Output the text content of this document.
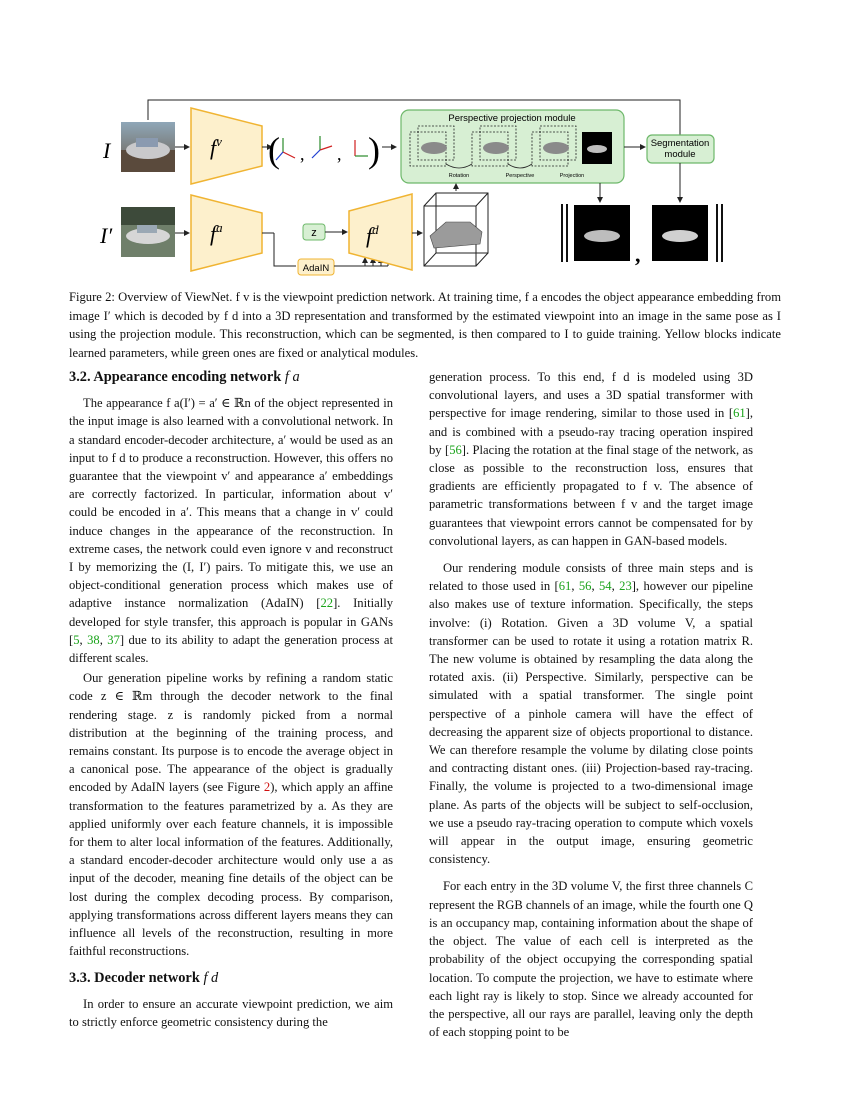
I
I′
$f^v$
$f^a$
( , , )
Perspective projection module
Rotation	Perspective	Projection
Segmentation
module
z
AdaIN
$f^d$
,
Figure 2: Overview of ViewNet. f v is the viewpoint prediction network. At training time, f a encodes the object appearance embedding from image I′ which is decoded by f d into a 3D representation and transformed by the estimated viewpoint into an image in the same pose as I using the projection module. This reconstruction, which can be segmented, is then compared to I to guide training. Yellow blocks indicate learned parameters, while green ones are fixed or analytical modules.
3.2. Appearance encoding network f a

The appearance f a(I′) = a′ ∈ ℝn of the object represented in the input image is also learned with a convolutional network. In a standard encoder-decoder architecture, a′ would be used as an input to f d to produce a reconstruction. However, this offers no guarantee that the viewpoint v′ and appearance a′ embeddings are correctly factorized. In particular, information about v′ could be encoded in a′. This means that a change in v′ could induce changes in the appearance of the reconstruction. In extreme cases, the network could even ignore v and reconstruct I by memorizing the (I, I′) pairs. To mitigate this, we use an object-conditional generation process which makes use of adaptive instance normalization (AdaIN) [22]. Initially developed for style transfer, this approach is popular in GANs [5, 38, 37] due to its ability to adapt the generation process at different scales.

Our generation pipeline works by refining a random static code z ∈ ℝm through the decoder network to the final rendering stage. z is randomly picked from a normal distribution at the beginning of the training process, and remains constant. Its purpose is to encode the average object in a canonical pose. The appearance of the object is gradually encoded by AdaIN layers (see Figure 2), which apply an affine transformation to the features parametrized by a. As they are applied uniformly over each feature channels, it is impossible for them to alter local information of the features. Additionally, a standard encoder-decoder architecture would only use a as input of the decoder, meaning fine details of the object can be lost during the complex decoding process. By comparison, applying transformations across different layers means they can influence all levels of the reconstruction, resulting in more faithful reconstructions.

3.3. Decoder network f d

In order to ensure an accurate viewpoint prediction, we aim to strictly enforce geometric consistency during the

generation process. To this end, f d is modeled using 3D convolutional layers, and uses a 3D spatial transformer with perspective for image rendering, similar to those used in [61], and is combined with a pseudo-ray tracing operation inspired by [56]. Placing the rotation at the final stage of the network, as close as possible to the reconstruction loss, ensures that gradients are efficiently propagated to f v. The absence of parametric transformations between f v and the target image guarantees that viewpoint errors cannot be compensated for by convolutional layers, as can happen in GAN-based models.

Our rendering module consists of three main steps and is related to those used in [61, 56, 54, 23], however our pipeline also makes use of texture information. Specifically, the steps involve: (i) Rotation. Given a 3D volume V, a spatial transformer can be used to rotate it using a rotation matrix R. The new volume is obtained by resampling the data along the rotated axis. (ii) Perspective. Similarly, perspective can be simulated with a spatial transformer. The single point perspective of a pinhole camera will have the effect of decreasing the apparent size of objects proportional to distance. We can therefore resample the volume by dilating close points and contracting distant ones. (iii) Projection-based ray-tracing. Finally, the volume is projected to a two-dimensional image plane. As parts of the objects will be subject to self-occlusion, we use a pseudo ray-tracing operation to compute which voxels will appear in the output image, ensuring geometric consistency.

For each entry in the 3D volume V, the first three channels C represent the RGB channels of an image, while the fourth one Q is an occupancy map, containing information about the shape of the object. The value of each cell is interpreted as the probability of the object occupying the corresponding spatial location. To compute the projection, we have to estimate where each light ray is likely to stop. Since we already accounted for the perspective, all our rays are parallel, leaving only the depth of each stopping point to be
